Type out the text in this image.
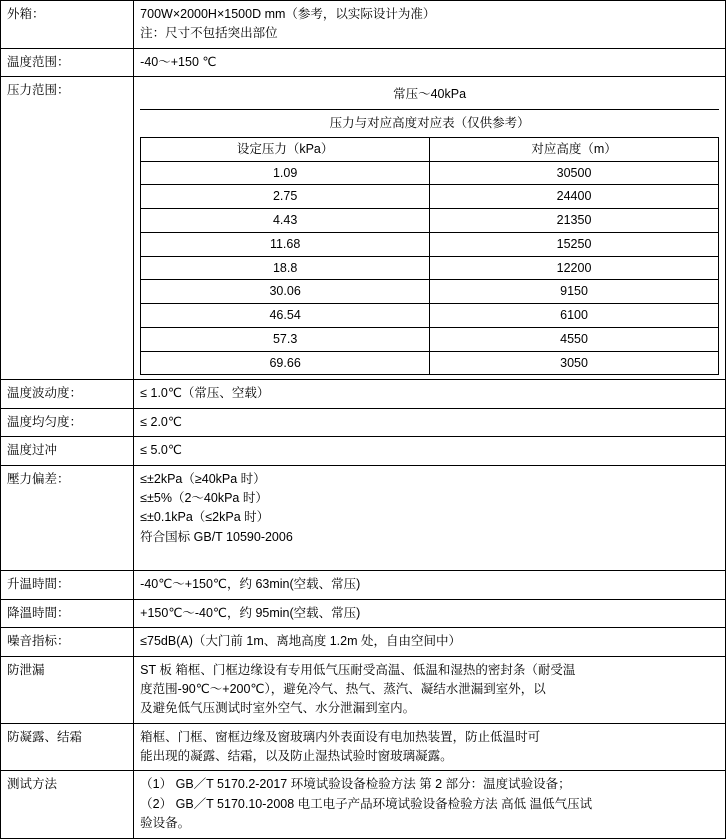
外箱：	700W×2000H×1500D mm（参考，以实际设计为准）
注：尺寸不包括突出部位

温度范围：	-40～+150 ℃
压力范围：	常压～40kPa
压力与对应高度对应表（仅供参考）
设定压力（kPa）	对应高度（m）
1.09	30500
2.75	24400
4.43	21350
11.68	15250
18.8	12200
30.06	9150
46.54	6100
57.3	4550
69.66	3050

温度波动度：	≤ 1.0℃（常压、空载）
温度均匀度：	≤ 2.0℃
温度过冲	≤ 5.0℃
壓力偏差：	≤±2kPa（≥40kPa 时）
≤±5%（2～40kPa 时）
≤±0.1kPa（≤2kPa 时）
符合国标 GB/T 10590-2006

升温時間：	-40℃～+150℃，约 63min(空载、常压)
降溫時間：	+150℃～-40℃，约 95min(空载、常压)
噪音指标：	≤75dB(A)（大门前 1m、离地高度 1.2m 处，自由空间中）
防泄漏	ST 板 箱框、门框边缘设有专用低气压耐受高温、低温和湿热的密封条（耐受温
度范围-90℃～+200℃），避免冷气、热气、蒸汽、凝结水泄漏到室外，以
及避免低气压测试时室外空气、水分泄漏到室内。

防凝露、结霜	箱框、门框、窗框边缘及窗玻璃内外表面设有电加热装置，防止低温时可
能出现的凝露、结霜，以及防止湿热试验时窗玻璃凝露。

测试方法	（1） GB／T 5170.2-2017 环境试验设备检验方法 第 2 部分：温度试验设备；
（2） GB／T 5170.10-2008 电工电子产品环境试验设备检验方法 高低 温低气压试
验设备。
